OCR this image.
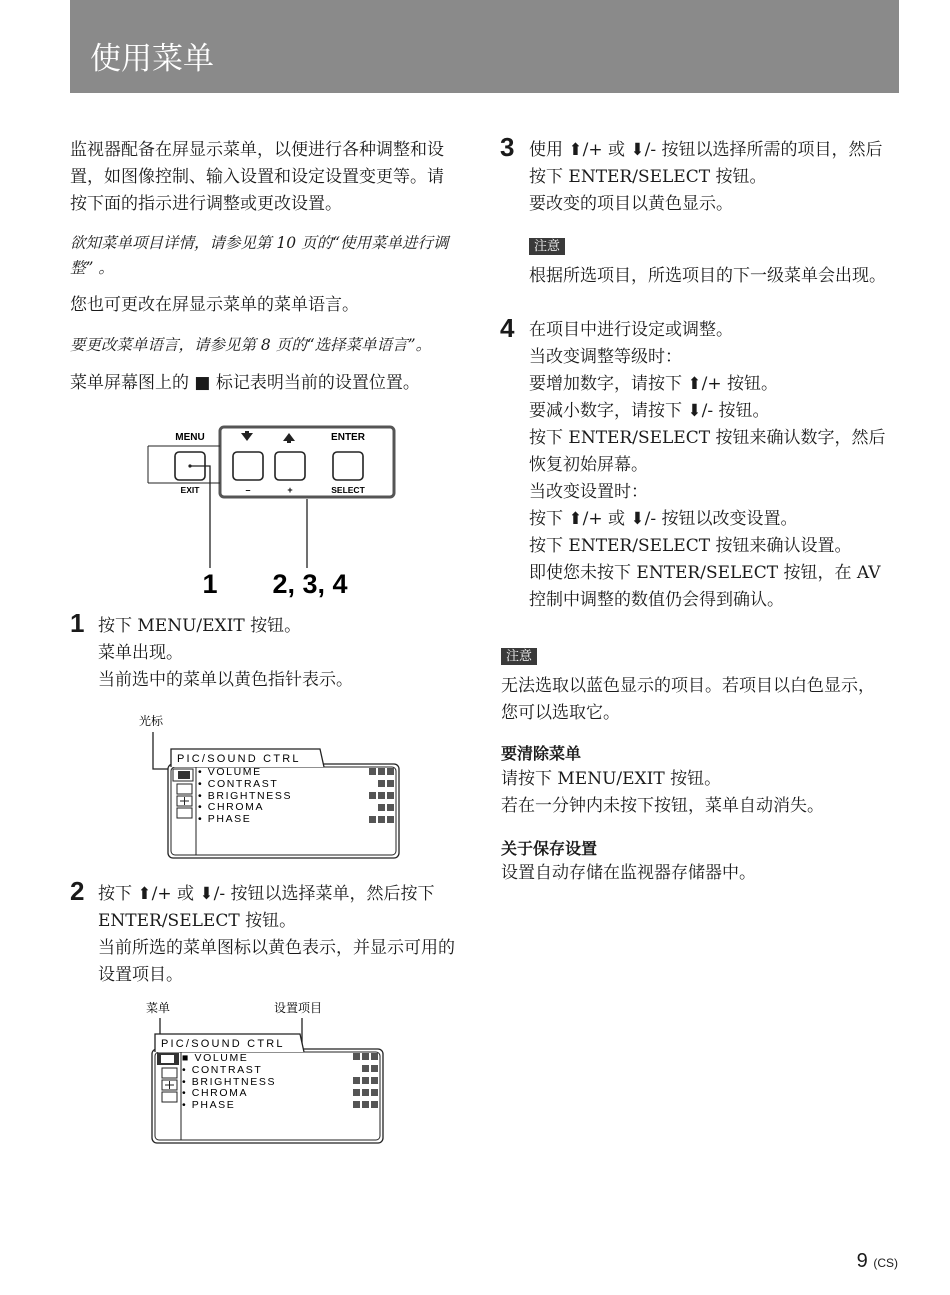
使用菜单
监视器配备在屏显示菜单，以便进行各种调整和设
置，如图像控制、输入设置和设定设置变更等。请
按下面的指示进行调整或更改设置。
欲知菜单项目详情，请参见第 10 页的“使用菜单进行调
整” 。
您也可更改在屏显示菜单的菜单语言。
要更改菜单语言，请参见第 8 页的“选择菜单语言”。
菜单屏幕图上的 ■ 标记表明当前的设置位置。
MENU
EXIT
ENTER
–	+	SELECT
1 2, 3, 4
1 按下 MENU/EXIT 按钮。
菜单出现。
当前选中的菜单以黄色指针表示。
光标
PIC/SOUND CTRL
• VOLUME
• CONTRAST
• BRIGHTNESS
• CHROMA
• PHASE
2 按下 ⬆/+ 或 ⬇/- 按钮以选择菜单，然后按下
ENTER/SELECT 按钮。
当前所选的菜单图标以黄色表示，并显示可用的
设置项目。
菜单	设置项目
PIC/SOUND CTRL
■ VOLUME
• CONTRAST
• BRIGHTNESS
• CHROMA
• PHASE
3 使用 ⬆/+ 或 ⬇/- 按钮以选择所需的项目，然后
按下 ENTER/SELECT 按钮。
要改变的项目以黄色显示。
注意
根据所选项目，所选项目的下一级菜单会出现。
4 在项目中进行设定或调整。
当改变调整等级时：
要增加数字，请按下 ⬆/+ 按钮。
要减小数字，请按下 ⬇/- 按钮。
按下 ENTER/SELECT 按钮来确认数字，然后
恢复初始屏幕。
当改变设置时：
按下 ⬆/+ 或 ⬇/- 按钮以改变设置。
按下 ENTER/SELECT 按钮来确认设置。
即使您未按下 ENTER/SELECT 按钮，在 AV
控制中调整的数值仍会得到确认。
注意
无法选取以蓝色显示的项目。若项目以白色显示，
您可以选取它。
要清除菜单
请按下 MENU/EXIT 按钮。
若在一分钟内未按下按钮，菜单自动消失。
关于保存设置
设置自动存储在监视器存储器中。
9 (CS)
